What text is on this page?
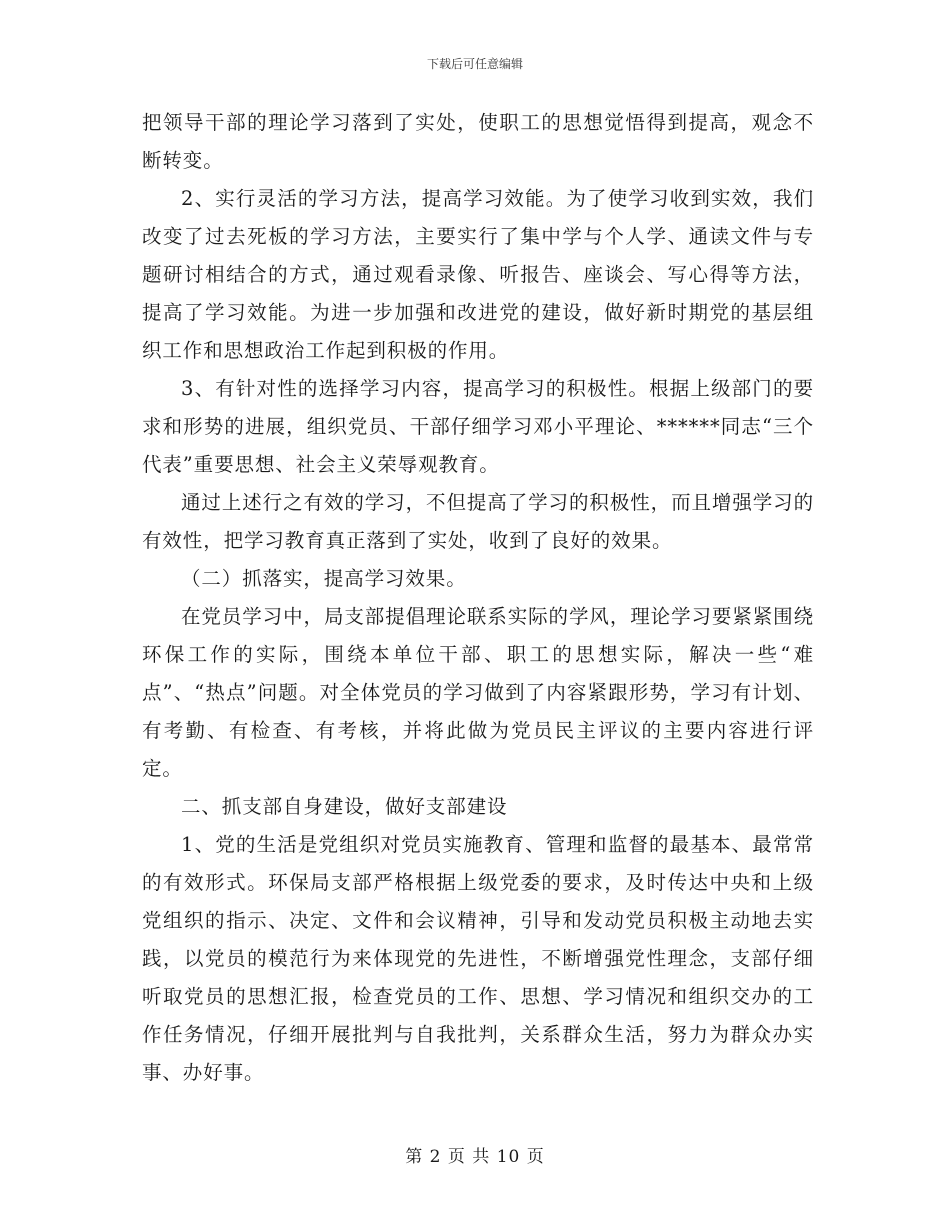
下载后可任意编辑

把领导干部的理论学习落到了实处，使职工的思想觉悟得到提高，观念不断转变。

2、实行灵活的学习方法，提高学习效能。为了使学习收到实效，我们改变了过去死板的学习方法，主要实行了集中学与个人学、通读文件与专题研讨相结合的方式，通过观看录像、听报告、座谈会、写心得等方法，提高了学习效能。为进一步加强和改进党的建设，做好新时期党的基层组织工作和思想政治工作起到积极的作用。

3、有针对性的选择学习内容，提高学习的积极性。根据上级部门的要求和形势的进展，组织党员、干部仔细学习邓小平理论、******同志“三个代表”重要思想、社会主义荣辱观教育。

通过上述行之有效的学习，不但提高了学习的积极性，而且增强学习的有效性，把学习教育真正落到了实处，收到了良好的效果。

（二）抓落实，提高学习效果。

在党员学习中，局支部提倡理论联系实际的学风，理论学习要紧紧围绕环保工作的实际，围绕本单位干部、职工的思想实际，解决一些“难点”、“热点”问题。对全体党员的学习做到了内容紧跟形势，学习有计划、有考勤、有检查、有考核，并将此做为党员民主评议的主要内容进行评定。

二、抓支部自身建设，做好支部建设

1、党的生活是党组织对党员实施教育、管理和监督的最基本、最常常的有效形式。环保局支部严格根据上级党委的要求，及时传达中央和上级党组织的指示、决定、文件和会议精神，引导和发动党员积极主动地去实践，以党员的模范行为来体现党的先进性，不断增强党性理念，支部仔细听取党员的思想汇报，检查党员的工作、思想、学习情况和组织交办的工作任务情况，仔细开展批判与自我批判，关系群众生活，努力为群众办实事、办好事。

第 2 页 共 10 页
